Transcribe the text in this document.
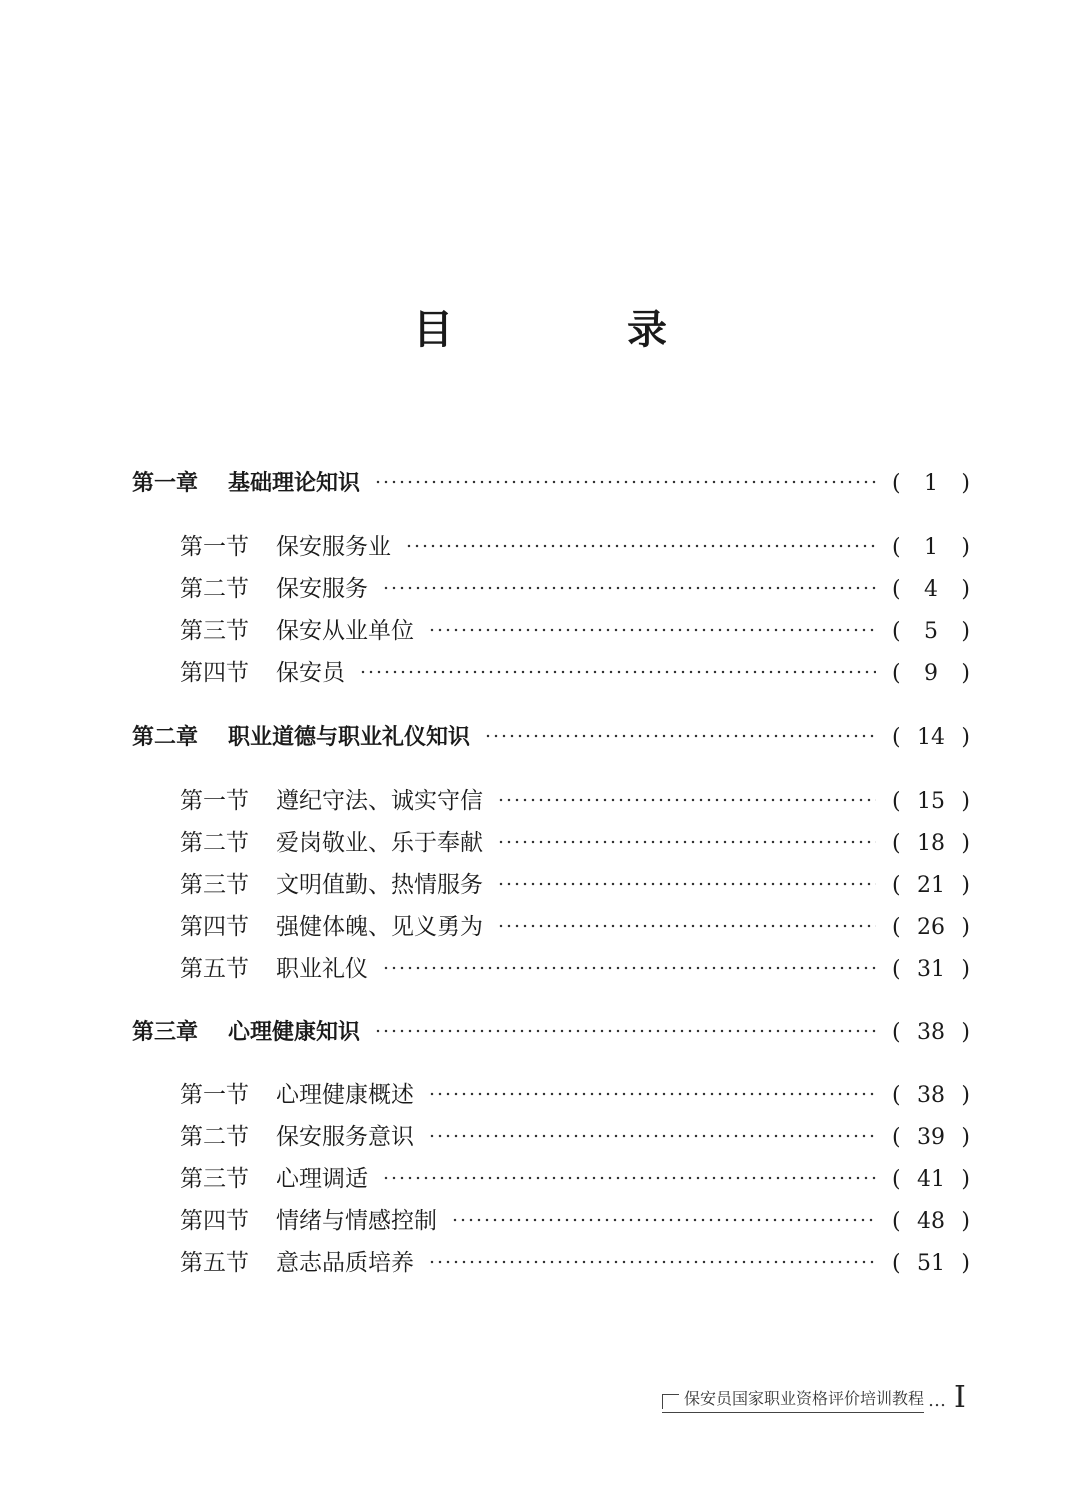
目 录
第一章	基础理论知识	( 1 )
第一节	保安服务业	( 1 )
第二节	保安服务	( 4 )
第三节	保安从业单位	( 5 )
第四节	保安员	( 9 )
第二章	职业道德与职业礼仪知识	( 14 )
第一节	遵纪守法、诚实守信	( 15 )
第二节	爱岗敬业、乐于奉献	( 18 )
第三节	文明值勤、热情服务	( 21 )
第四节	强健体魄、见义勇为	( 26 )
第五节	职业礼仪	( 31 )
第三章	心理健康知识	( 38 )
第一节	心理健康概述	( 38 )
第二节	保安服务意识	( 39 )
第三节	心理调适	( 41 )
第四节	情绪与情感控制	( 48 )
第五节	意志品质培养	( 51 )
保安员国家职业资格评价培训教程 … I
